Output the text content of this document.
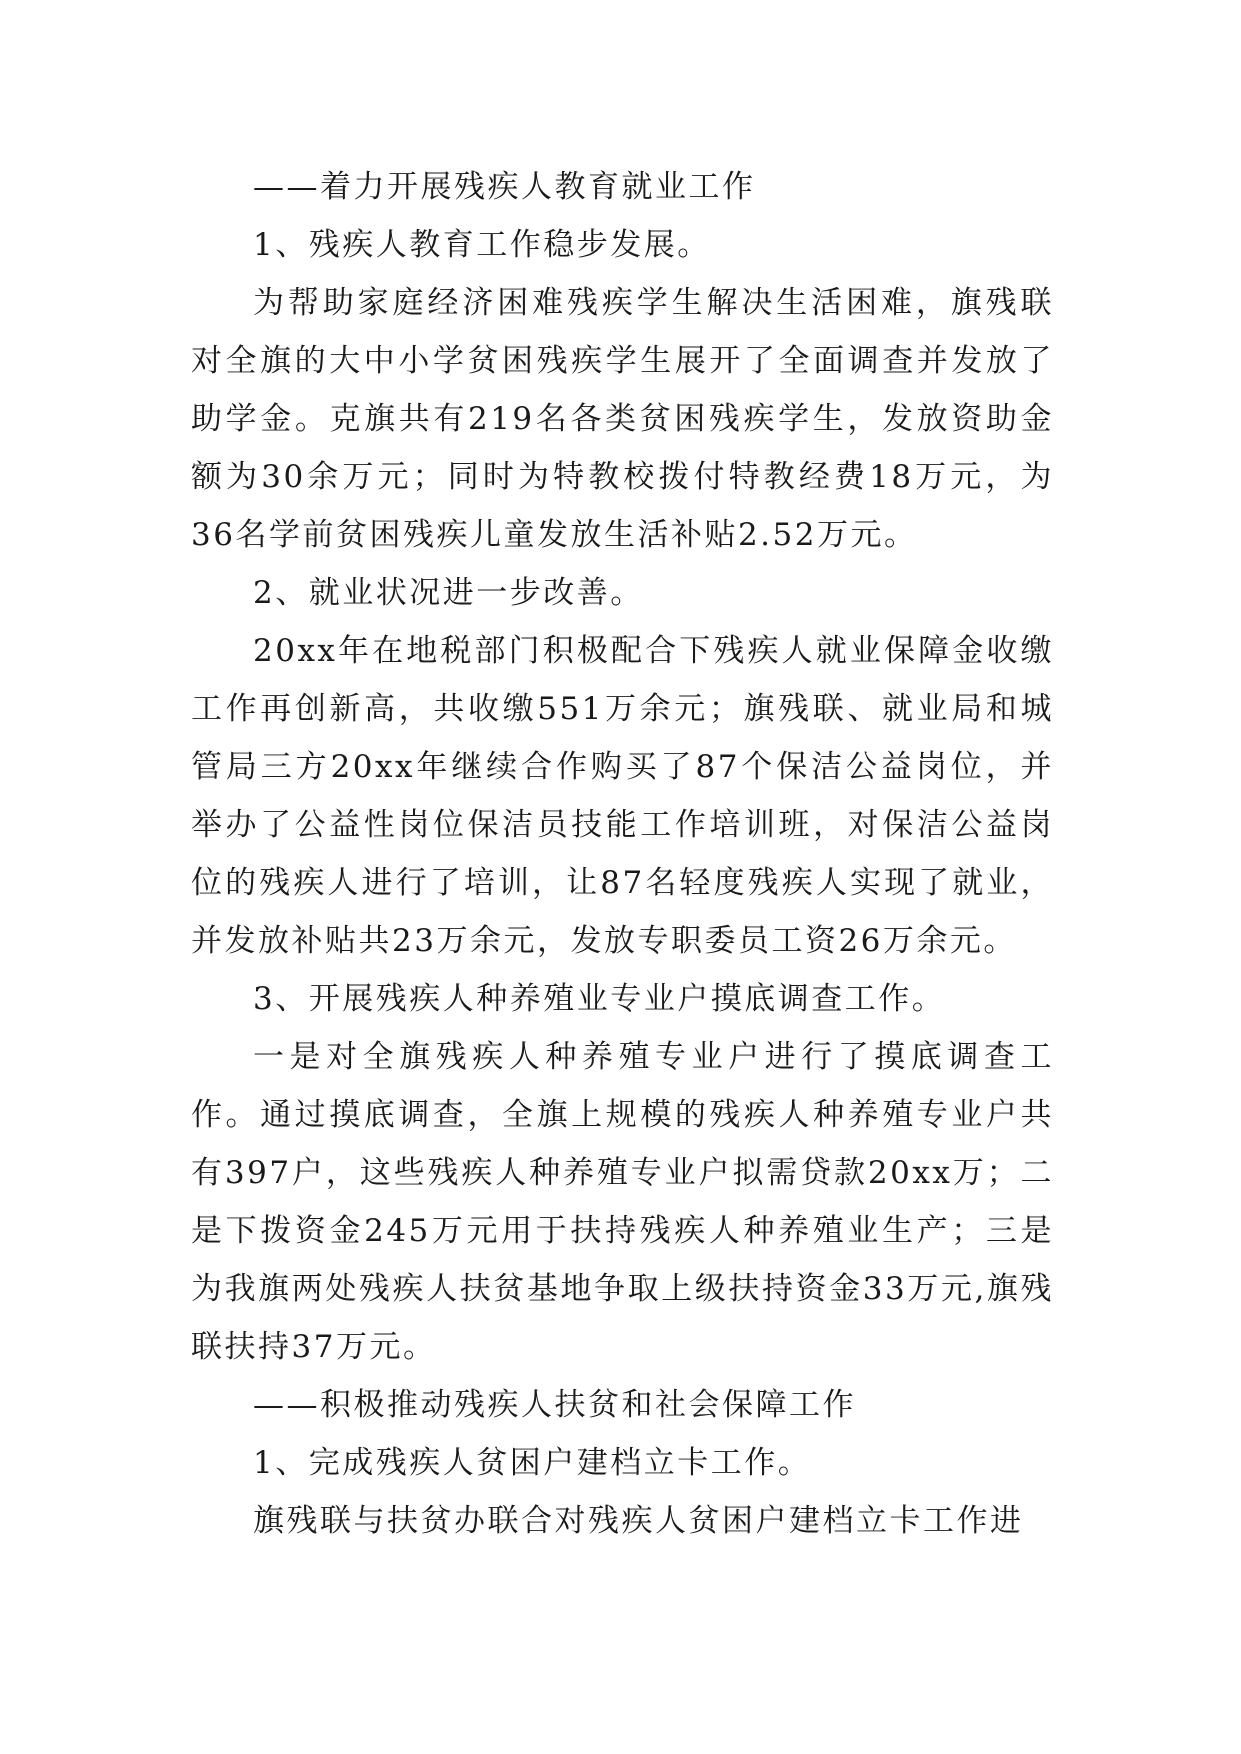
——着力开展残疾人教育就业工作

1、残疾人教育工作稳步发展。

为帮助家庭经济困难残疾学生解决生活困难，旗残联对全旗的大中小学贫困残疾学生展开了全面调查并发放了助学金。克旗共有219名各类贫困残疾学生，发放资助金额为30余万元；同时为特教校拨付特教经费18万元，为36名学前贫困残疾儿童发放生活补贴2.52万元。

2、就业状况进一步改善。

20xx年在地税部门积极配合下残疾人就业保障金收缴工作再创新高，共收缴551万余元；旗残联、就业局和城管局三方20xx年继续合作购买了87个保洁公益岗位，并举办了公益性岗位保洁员技能工作培训班，对保洁公益岗位的残疾人进行了培训，让87名轻度残疾人实现了就业，并发放补贴共23万余元，发放专职委员工资26万余元。

3、开展残疾人种养殖业专业户摸底调查工作。

一是对全旗残疾人种养殖专业户进行了摸底调查工作。通过摸底调查，全旗上规模的残疾人种养殖专业户共有397户，这些残疾人种养殖专业户拟需贷款20xx万；二是下拨资金245万元用于扶持残疾人种养殖业生产；三是为我旗两处残疾人扶贫基地争取上级扶持资金33万元,旗残联扶持37万元。

——积极推动残疾人扶贫和社会保障工作

1、完成残疾人贫困户建档立卡工作。

旗残联与扶贫办联合对残疾人贫困户建档立卡工作进
